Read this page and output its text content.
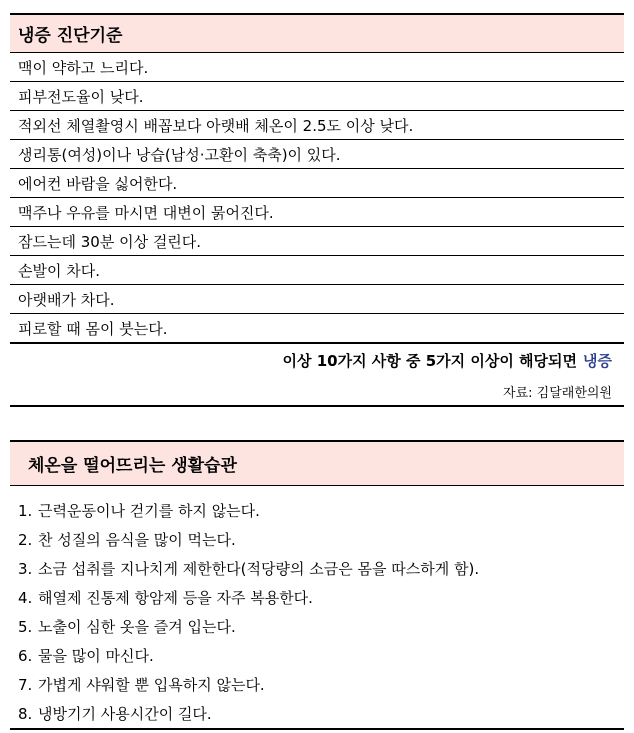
냉증 진단기준
맥이 약하고 느리다.
피부전도율이 낮다.
적외선 체열촬영시 배꼽보다 아랫배 체온이 2.5도 이상 낮다.
생리통(여성)이나 낭습(남성·고환이 축축)이 있다.
에어컨 바람을 싫어한다.
맥주나 우유를 마시면 대변이 묽어진다.
잠드는데 30분 이상 걸린다.
손발이 차다.
아랫배가 차다.
피로할 때 몸이 붓는다.
이상 10가지 사항 중 5가지 이상이 해당되면 냉증
자료: 김달래한의원
체온을 떨어뜨리는 생활습관
1. 근력운동이나 걷기를 하지 않는다.
2. 찬 성질의 음식을 많이 먹는다.
3. 소금 섭취를 지나치게 제한한다(적당량의 소금은 몸을 따스하게 함).
4. 해열제 진통제 항암제 등을 자주 복용한다.
5. 노출이 심한 옷을 즐겨 입는다.
6. 물을 많이 마신다.
7. 가볍게 샤워할 뿐 입욕하지 않는다.
8. 냉방기기 사용시간이 길다.
